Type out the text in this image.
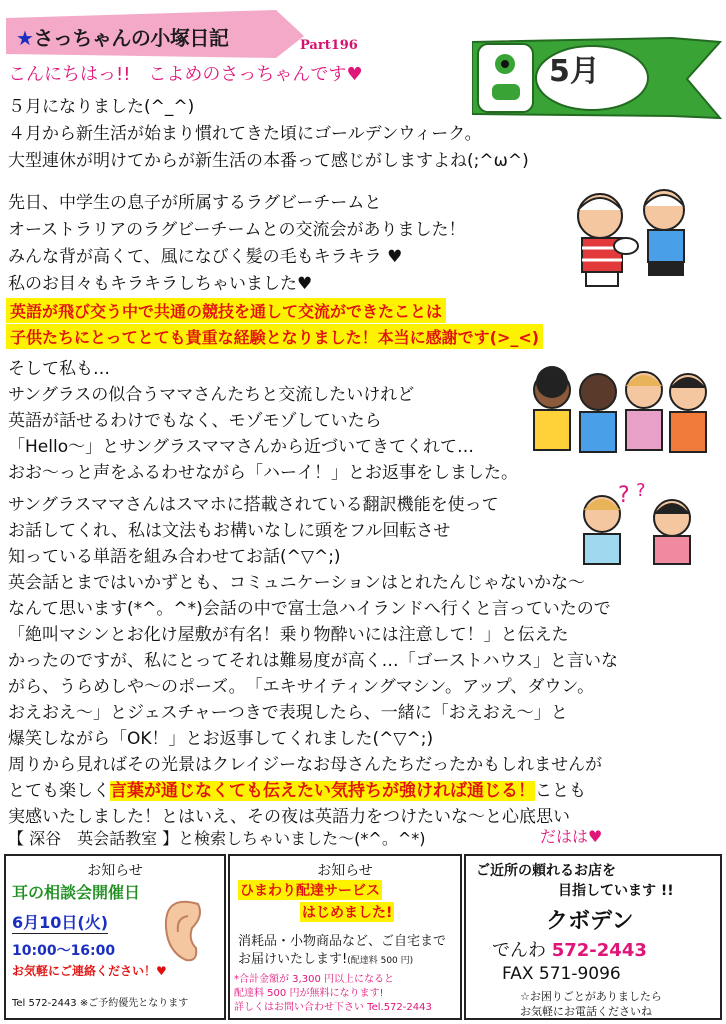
★さっちゃんの小塚日記	Part196
5月
こんにちはっ!!　こよめのさっちゃんです♥
５月になりました(^_^)
４月から新生活が始まり慣れてきた頃にゴールデンウィーク。
大型連休が明けてからが新生活の本番って感じがしますよね(;^ω^)
先日、中学生の息子が所属するラグビーチームと
オーストラリアのラグビーチームとの交流会がありました！
みんな背が高くて、風になびく髪の毛もキラキラ ♥
私のお目々もキラキラしちゃいました♥
英語が飛び交う中で共通の競技を通して交流ができたことは
子供たちにとってとても貴重な経験となりました！本当に感謝です(>_<)
そして私も…
サングラスの似合うママさんたちと交流したいけれど
英語が話せるわけでもなく、モゾモゾしていたら
「Hello～」とサングラスママさんから近づいてきてくれて…
おお～っと声をふるわせながら「ハーイ！」とお返事をしました。
サングラスママさんはスマホに搭載されている翻訳機能を使って
お話してくれ、私は文法もお構いなしに頭をフル回転させ
知っている単語を組み合わせてお話(^▽^;)
英会話とまではいかずとも、コミュニケーションはとれたんじゃないかな～
なんて思います(*^。^*)会話の中で富士急ハイランドへ行くと言っていたので
「絶叫マシンとお化け屋敷が有名！乗り物酔いには注意して！」と伝えた
かったのですが、私にとってそれは難易度が高く…「ゴーストハウス」と言いな
がら、うらめしや～のポーズ。　「エキサイティングマシン。アップ、ダウン。
おえおえ～」とジェスチャーつきで表現したら、一緒に「おえおえ～」と
爆笑しながら「OK！」とお返事してくれました(^▽^;)
周りから見ればその光景はクレイジーなお母さんたちだったかもしれませんが
? ?
とても楽しく言葉が通じなくても伝えたい気持ちが強ければ通じる！ことも
実感いたしました！とはいえ、その夜は英語力をつけたいな～と心底思い
【 深谷　英会話教室 】と検索しちゃいました～(*^。^*)	だはは♥
お知らせ
耳の相談会開催日
6月10日(火)
10:00～16:00
お気軽にご連絡ください！♥
Tel 572-2443 ※ご予約優先となります
お知らせ
ひまわり配達サービス
はじめました!
消耗品・小物商品など、ご自宅まで
お届けいたします!(配達料 500 円)
*合計金額が 3,300 円以上になると
配達料 500 円が無料になります!
詳しくはお問い合わせ下さい Tel.572-2443
ご近所の頼れるお店を
目指しています !!
クボデン
でんわ 572-2443
FAX 571-9096
☆お困りごとがありましたら
お気軽にお電話くださいね
